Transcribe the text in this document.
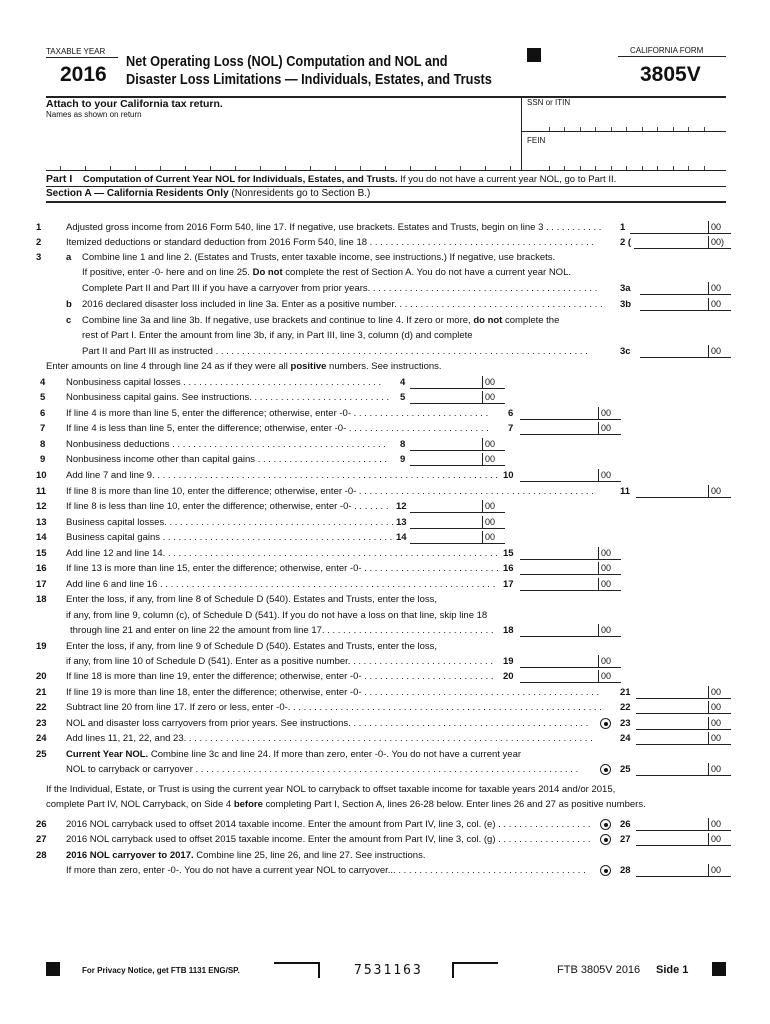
TAXABLE YEAR
2016
Net Operating Loss (NOL) Computation and NOL and
Disaster Loss Limitations — Individuals, Estates, and Trusts
CALIFORNIA FORM
3805V
Attach to your California tax return.
Names as shown on return
SSN or ITIN
FEIN
Part I Computation of Current Year NOL for Individuals, Estates, and Trusts. If you do not have a current year NOL, go to Part II.
Section A — California Residents Only (Nonresidents go to Section B.)
1	Adjusted gross income from 2016 Form 540, line 17. If negative, use brackets. Estates and Trusts, begin on line 3 . . . . . . . . . . . 1	00
2	Itemized deductions or standard deduction from 2016 Form 540, line 18 . . . . . . . . . . . . . . . . . . . . . . . . . . . . . . . . . . . . . . . . . . .	2 (	00)
3	a Combine line 1 and line 2. (Estates and Trusts, enter taxable income, see instructions.) If negative, use brackets.
If positive, enter -0- here and on line 25. Do not complete the rest of Section A. You do not have a current year NOL.
Complete Part II and Part III if you have a carryover from prior years. . . . . . . . . . . . . . . . . . . . . . . . . . . . . . . . . . . . . . . . . . . . 3a	00
b 2016 declared disaster loss included in line 3a. Enter as a positive number. . . . . . . . . . . . . . . . . . . . . . . . . . . . . . . . . . . . . . . . 3b	00
c Combine line 3a and line 3b. If negative, use brackets and continue to line 4. If zero or more, do not complete the
rest of Part I. Enter the amount from line 3b, if any, in Part III, line 3, column (d) and complete
Part II and Part III as instructed . . . . . . . . . . . . . . . . . . . . . . . . . . . . . . . . . . . . . . . . . . . . . . . . . . . . . . . . . . . . . . . . . . . . . . .	3c	00
Enter amounts on line 4 through line 24 as if they were all positive numbers. See instructions.
4 Nonbusiness capital losses . . . . . . . . . . . . . . . . . . . . . . . . . . . . . . . . . . . . . . 4	00
5 Nonbusiness capital gains. See instructions. . . . . . . . . . . . . . . . . . . . . . . . . . . 5	00
6 If line 4 is more than line 5, enter the difference; otherwise, enter -0- . . . . . . . . . . . . . . . . . . . . . . . . . . 6	00
7 If line 4 is less than line 5, enter the difference; otherwise, enter -0- . . . . . . . . . . . . . . . . . . . . . . . . . . . 7	00
8 Nonbusiness deductions . . . . . . . . . . . . . . . . . . . . . . . . . . . . . . . . . . . . . . . . . 8	00
9 Nonbusiness income other than capital gains . . . . . . . . . . . . . . . . . . . . . . . . . 9	00
10 Add line 7 and line 9. . . . . . . . . . . . . . . . . . . . . . . . . . . . . . . . . . . . . . . . . . . . . . . . . . . . . . . . . . . . . . . . . . 10	00
11 If line 8 is more than line 10, enter the difference; otherwise, enter -0- . . . . . . . . . . . . . . . . . . . . . . . . . . . . . . . . . . . . . . . . . . . . .	11	00
12 If line 8 is less than line 10, enter the difference; otherwise, enter -0- . . . . . . . 12	00
13 Business capital losses. . . . . . . . . . . . . . . . . . . . . . . . . . . . . . . . . . . . . . . . . . . . 13	00
14 Business capital gains . . . . . . . . . . . . . . . . . . . . . . . . . . . . . . . . . . . . . . . . . . . . 14	00
15 Add line 12 and line 14. . . . . . . . . . . . . . . . . . . . . . . . . . . . . . . . . . . . . . . . . . . . . . . . . . . . . . . . . . . . . . . . 15	00
16 If line 13 is more than line 15, enter the difference; otherwise, enter -0- . . . . . . . . . . . . . . . . . . . . . . . . . . 16	00
17 Add line 6 and line 16 . . . . . . . . . . . . . . . . . . . . . . . . . . . . . . . . . . . . . . . . . . . . . . . . . . . . . . . . . . . . . . . . 17	00
18 Enter the loss, if any, from line 8 of Schedule D (540). Estates and Trusts, enter the loss,
if any, from line 9, column (c), of Schedule D (541). If you do not have a loss on that line, skip line 18
through line 21 and enter on line 22 the amount from line 17. . . . . . . . . . . . . . . . . . . . . . . . . . . . . . . . . 18	00
19 Enter the loss, if any, from line 9 of Schedule D (540). Estates and Trusts, enter the loss,
if any, from line 10 of Schedule D (541). Enter as a positive number. . . . . . . . . . . . . . . . . . . . . . . . . . . . 19	00
20 If line 18 is more than line 19, enter the difference; otherwise, enter -0- . . . . . . . . . . . . . . . . . . . . . . . . . 20	00
21 If line 19 is more than line 18, enter the difference; otherwise, enter -0- . . . . . . . . . . . . . . . . . . . . . . . . . . . . . . . . . . . . . . . . . . . . . 21	00
22 Subtract line 20 from line 17. If zero or less, enter -0-. . . . . . . . . . . . . . . . . . . . . . . . . . . . . . . . . . . . . . . . . . . . . . . . . . . . . . . . . . . . 22	00
23 NOL and disaster loss carryovers from prior years. See instructions. . . . . . . . . . . . . . . . . . . . . . . . . . . . . . . . . . . . . . . . . . . . . .	23	00
24 Add lines 11, 21, 22, and 23. . . . . . . . . . . . . . . . . . . . . . . . . . . . . . . . . . . . . . . . . . . . . . . . . . . . . . . . . . . . . . . . . . . . . . . . . . . . . .	24	00
25 Current Year NOL. Combine line 3c and line 24. If more than zero, enter -0-. You do not have a current year
NOL to carryback or carryover . . . . . . . . . . . . . . . . . . . . . . . . . . . . . . . . . . . . . . . . . . . . . . . . . . . . . . . . . . . . . . . . . . . . . . . . .	25	00
If the Individual, Estate, or Trust is using the current year NOL to carryback to offset taxable income for taxable years 2014 and/or 2015,
complete Part IV, NOL Carryback, on Side 4 before completing Part I, Section A, lines 26-28 below. Enter lines 26 and 27 as positive numbers.
26 2016 NOL carryback used to offset 2014 taxable income. Enter the amount from Part IV, line 3, col. (e) . . . . . . . . . . . . . . . . . .	26	00
27 2016 NOL carryback used to offset 2015 taxable income. Enter the amount from Part IV, line 3, col. (g) . . . . . . . . . . . . . . . . . .	27	00
28 2016 NOL carryover to 2017. Combine line 25, line 26, and line 27. See instructions.
If more than zero, enter -0-. You do not have a current year NOL to carryover... . . . . . . . . . . . . . . . . . . . . . . . . . . . . . . . . . . . .	28	00
For Privacy Notice, get FTB 1131 ENG/SP.	7531163	FTB 3805V 2016 Side 1
